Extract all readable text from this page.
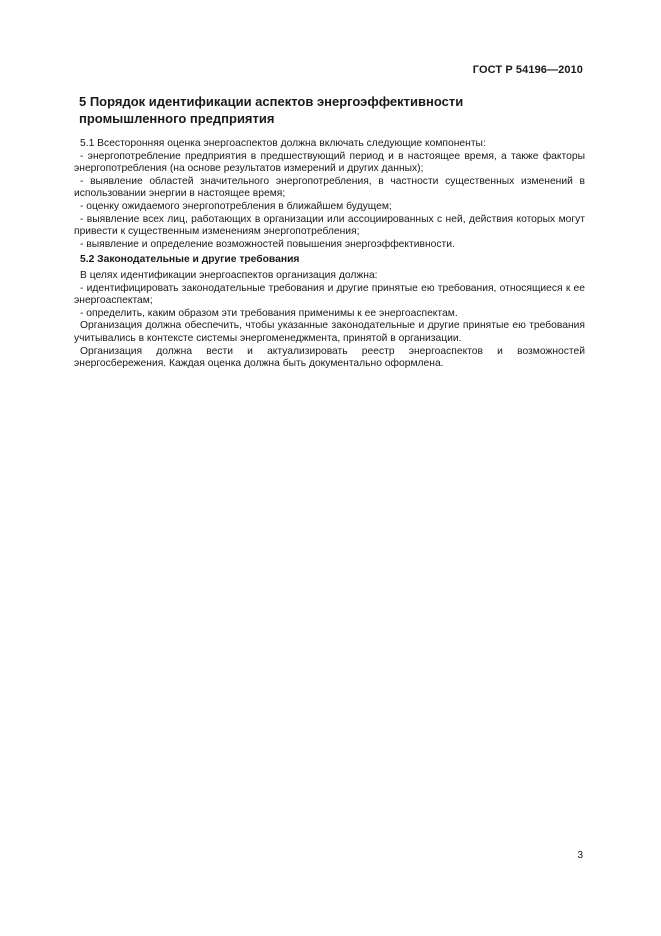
ГОСТ Р 54196—2010
5 Порядок идентификации аспектов энергоэффективности промышленного предприятия

5.1 Всесторонняя оценка энергоаспектов должна включать следующие компоненты:

- энергопотребление предприятия в предшествующий период и в настоящее время, а также факторы энергопотребления (на основе результатов измерений и других данных);

- выявление областей значительного энергопотребления, в частности существенных изменений в использовании энергии в настоящее время;

- оценку ожидаемого энергопотребления в ближайшем будущем;

- выявление всех лиц, работающих в организации или ассоциированных с ней, действия которых могут привести к существенным изменениям энергопотребления;

- выявление и определение возможностей повышения энергоэффективности.

5.2 Законодательные и другие требования

В целях идентификации энергоаспектов организация должна:

- идентифицировать законодательные требования и другие принятые ею требования, относящиеся к ее энергоаспектам;

- определить, каким образом эти требования применимы к ее энергоаспектам.

Организация должна обеспечить, чтобы указанные законодательные и другие принятые ею требования учитывались в контексте системы энергоменеджмента, принятой в организации.

Организация должна вести и актуализировать реестр энергоаспектов и возможностей энергосбережения. Каждая оценка должна быть документально оформлена.

3
